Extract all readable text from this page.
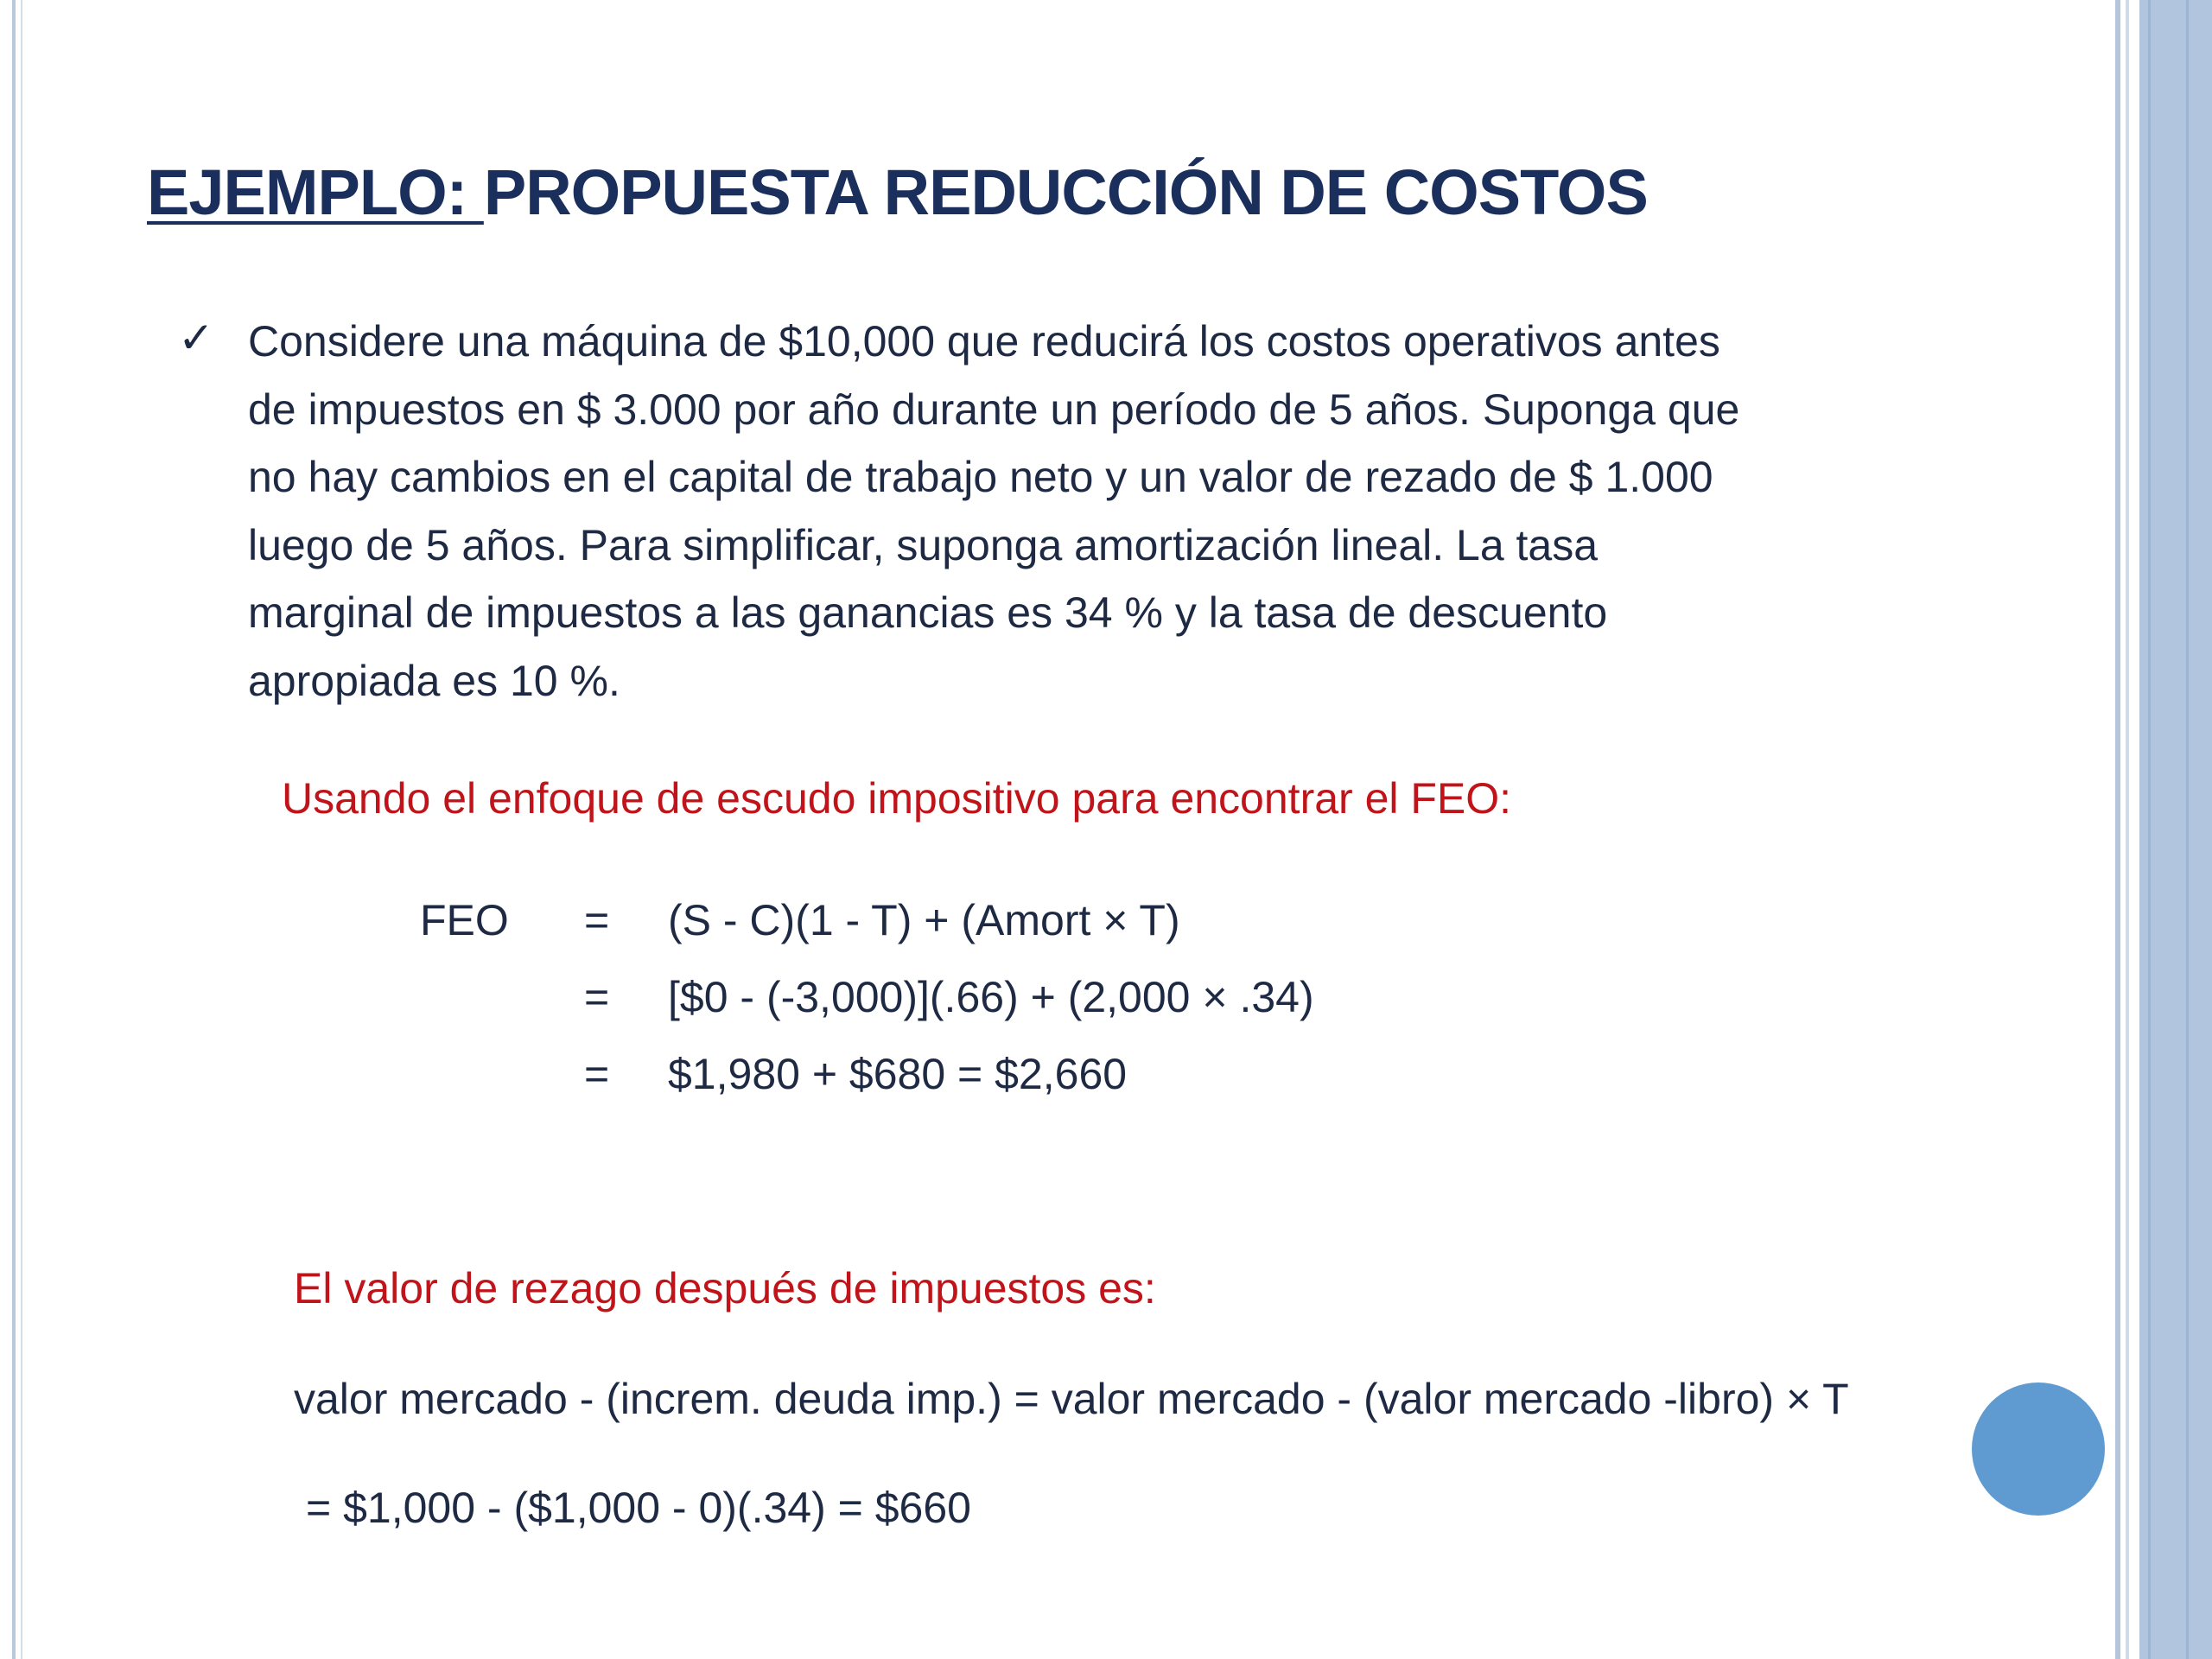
EJEMPLO: PROPUESTA REDUCCIÓN DE COSTOS
✓ Considere una máquina de $10,000 que reducirá los costos operativos antes
de impuestos en $ 3.000 por año durante un período de 5 años. Suponga que
no hay cambios en el capital de trabajo neto y un valor de rezado de $ 1.000
luego de 5 años. Para simplificar, suponga amortización lineal. La tasa
marginal de impuestos a las ganancias es 34 % y la tasa de descuento
apropiada es 10 %.
Usando el enfoque de escudo impositivo para encontrar el FEO:
FEO = (S - C)(1 - T) + (Amort × T)
= [$0 - (-3,000)](.66) + (2,000 × .34)
= $1,980 + $680 = $2,660
El valor de rezago después de impuestos es:
valor mercado - (increm. deuda imp.) = valor mercado - (valor mercado -libro) × T
= $1,000 - ($1,000 - 0)(.34) = $660
